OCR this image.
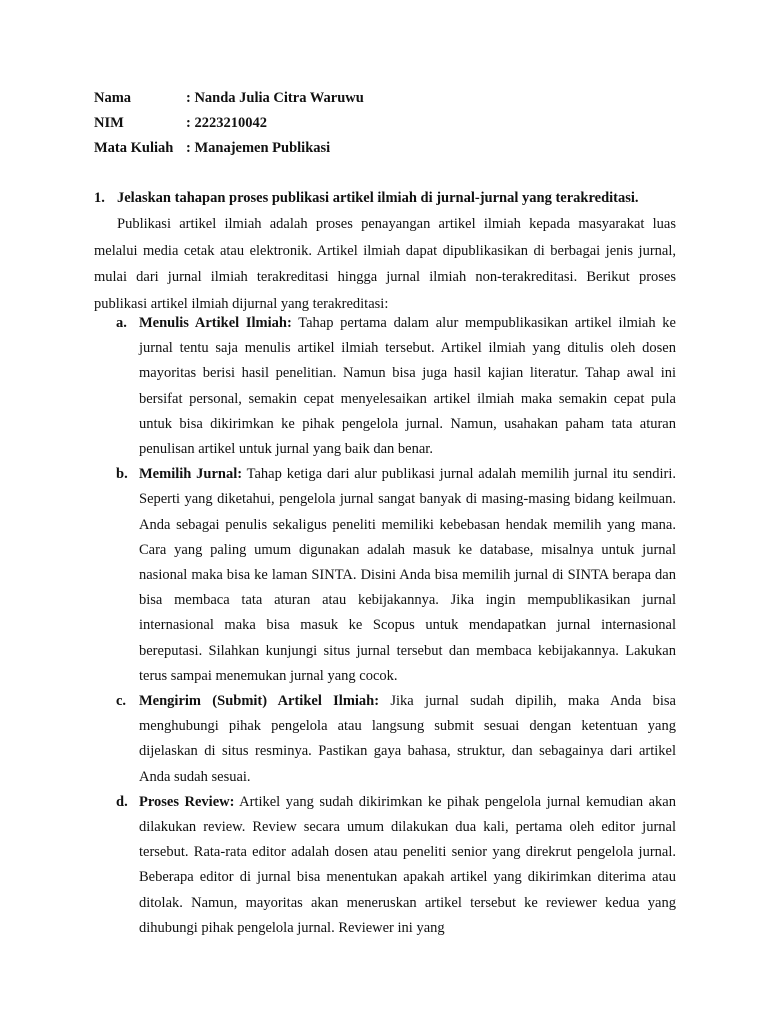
Nama	: Nanda Julia Citra Waruwu
NIM	: 2223210042
Mata Kuliah : Manajemen Publikasi
1. Jelaskan tahapan proses publikasi artikel ilmiah di jurnal-jurnal yang terakreditasi.
Publikasi artikel ilmiah adalah proses penayangan artikel ilmiah kepada masyarakat luas melalui media cetak atau elektronik. Artikel ilmiah dapat dipublikasikan di berbagai jenis jurnal, mulai dari jurnal ilmiah terakreditasi hingga jurnal ilmiah non-terakreditasi. Berikut proses publikasi artikel ilmiah dijurnal yang terakreditasi:
a. Menulis Artikel Ilmiah: Tahap pertama dalam alur mempublikasikan artikel ilmiah ke jurnal tentu saja menulis artikel ilmiah tersebut. Artikel ilmiah yang ditulis oleh dosen mayoritas berisi hasil penelitian. Namun bisa juga hasil kajian literatur. Tahap awal ini bersifat personal, semakin cepat menyelesaikan artikel ilmiah maka semakin cepat pula untuk bisa dikirimkan ke pihak pengelola jurnal. Namun, usahakan paham tata aturan penulisan artikel untuk jurnal yang baik dan benar.
b. Memilih Jurnal: Tahap ketiga dari alur publikasi jurnal adalah memilih jurnal itu sendiri. Seperti yang diketahui, pengelola jurnal sangat banyak di masing-masing bidang keilmuan. Anda sebagai penulis sekaligus peneliti memiliki kebebasan hendak memilih yang mana. Cara yang paling umum digunakan adalah masuk ke database, misalnya untuk jurnal nasional maka bisa ke laman SINTA. Disini Anda bisa memilih jurnal di SINTA berapa dan bisa membaca tata aturan atau kebijakannya. Jika ingin mempublikasikan jurnal internasional maka bisa masuk ke Scopus untuk mendapatkan jurnal internasional bereputasi. Silahkan kunjungi situs jurnal tersebut dan membaca kebijakannya. Lakukan terus sampai menemukan jurnal yang cocok.
c. Mengirim (Submit) Artikel Ilmiah: Jika jurnal sudah dipilih, maka Anda bisa menghubungi pihak pengelola atau langsung submit sesuai dengan ketentuan yang dijelaskan di situs resminya. Pastikan gaya bahasa, struktur, dan sebagainya dari artikel Anda sudah sesuai.
d. Proses Review: Artikel yang sudah dikirimkan ke pihak pengelola jurnal kemudian akan dilakukan review. Review secara umum dilakukan dua kali, pertama oleh editor jurnal tersebut. Rata-rata editor adalah dosen atau peneliti senior yang direkrut pengelola jurnal. Beberapa editor di jurnal bisa menentukan apakah artikel yang dikirimkan diterima atau ditolak. Namun, mayoritas akan meneruskan artikel tersebut ke reviewer kedua yang dihubungi pihak pengelola jurnal. Reviewer ini yang
